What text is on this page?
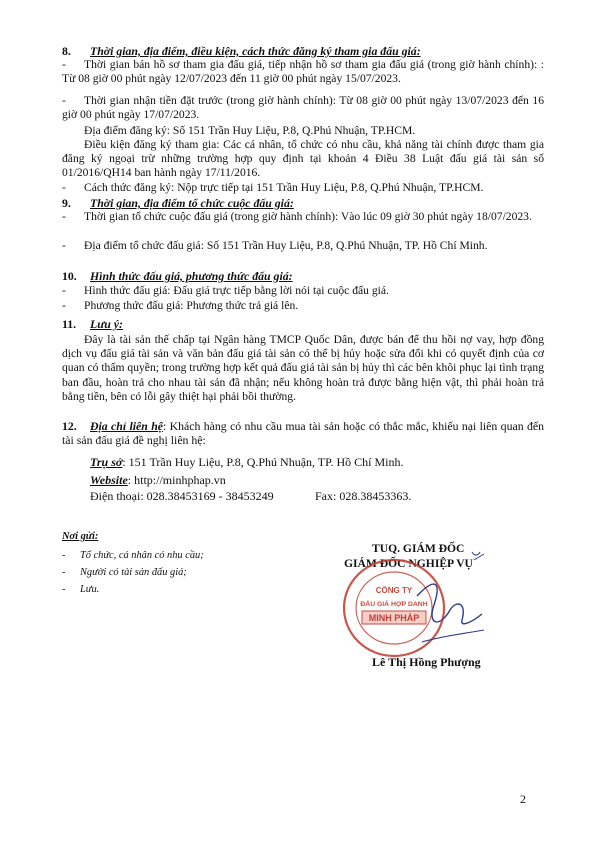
8. Thời gian, địa điểm, điều kiện, cách thức đăng ký tham gia đấu giá:
- Thời gian bán hồ sơ tham gia đấu giá, tiếp nhận hồ sơ tham gia đấu giá (trong giờ hành chính): : Từ 08 giờ 00 phút ngày 12/07/2023 đến 11 giờ 00 phút ngày 15/07/2023.
- Thời gian nhận tiền đặt trước (trong giờ hành chính): Từ 08 giờ 00 phút ngày 13/07/2023 đến 16 giờ 00 phút ngày 17/07/2023.
Địa điểm đăng ký: Số 151 Trần Huy Liệu, P.8, Q.Phú Nhuận, TP.HCM.
Điều kiện đăng ký tham gia: Các cá nhân, tổ chức có nhu cầu, khả năng tài chính được tham gia đăng ký ngoại trừ những trường hợp quy định tại khoản 4 Điều 38 Luật đấu giá tài sản số 01/2016/QH14 ban hành ngày 17/11/2016.
- Cách thức đăng ký: Nộp trực tiếp tại 151 Trần Huy Liệu, P.8, Q.Phú Nhuận, TP.HCM.
9. Thời gian, địa điểm tổ chức cuộc đấu giá:
- Thời gian tổ chức cuộc đấu giá (trong giờ hành chính): Vào lúc 09 giờ 30 phút ngày 18/07/2023.
- Địa điểm tổ chức đấu giá: Số 151 Trần Huy Liệu, P.8, Q.Phú Nhuận, TP. Hồ Chí Minh.
10. Hình thức đấu giá, phương thức đấu giá:
- Hình thức đấu giá: Đấu giá trực tiếp bằng lời nói tại cuộc đấu giá.
- Phương thức đấu giá: Phương thức trả giá lên.
11. Lưu ý:
Đây là tài sản thế chấp tại Ngân hàng TMCP Quốc Dân, được bán để thu hồi nợ vay, hợp đồng dịch vụ đấu giá tài sản và văn bản đấu giá tài sản có thể bị hủy hoặc sửa đổi khi có quyết định của cơ quan có thẩm quyền; trong trường hợp kết quả đấu giá tài sản bị hủy thì các bên khôi phục lại tình trạng ban đầu, hoàn trả cho nhau tài sản đã nhận; nếu không hoàn trả được bằng hiện vật, thì phải hoàn trả bằng tiền, bên có lỗi gây thiệt hại phải bồi thường.
12. Địa chỉ liên hệ: Khách hàng có nhu cầu mua tài sản hoặc có thắc mắc, khiếu nại liên quan đến tài sản đấu giá đề nghị liên hệ:
Trụ sở: 151 Trần Huy Liệu, P.8, Q.Phú Nhuận, TP. Hồ Chí Minh.
Website: http://minhphap.vn
Điện thoại: 028.38453169 - 38453249	Fax: 028.38453363.
Nơi gửi:
- Tổ chức, cá nhân có nhu cầu;
- Người có tài sản đấu giá;
- Lưu.
TUQ. GIÁM ĐỐC
GIÁM ĐỐC NGHIỆP VỤ
CÔNG TY
ĐẤU GIÁ HỢP DANH
MINH PHÁP
Lê Thị Hồng Phượng
2
